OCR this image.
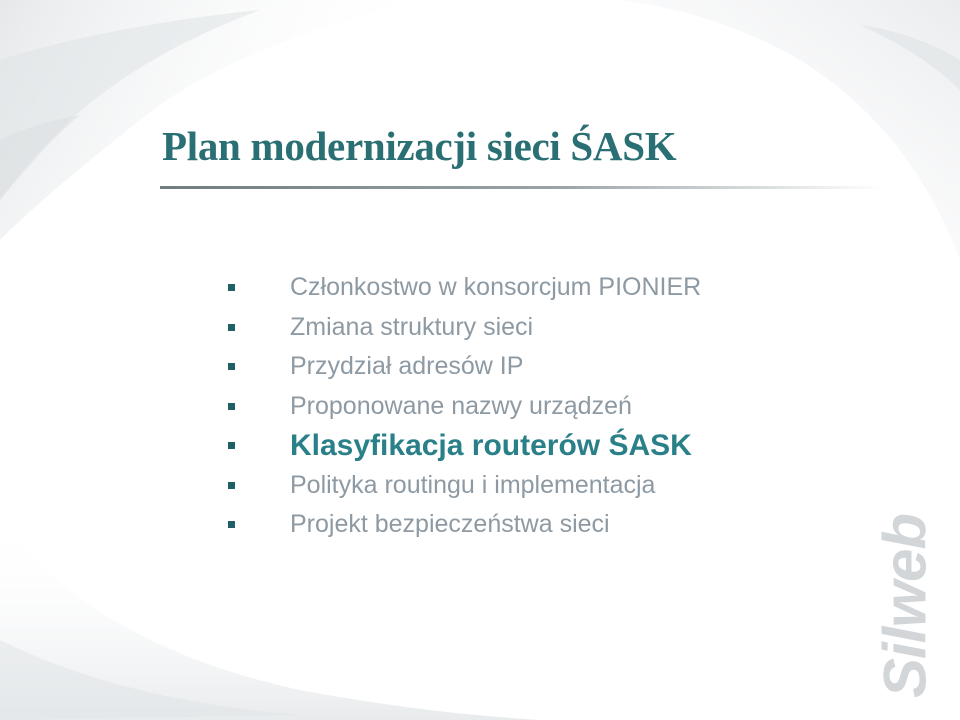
Plan modernizacji sieci ŚASK
Członkostwo w konsorcjum PIONIER
Zmiana struktury sieci
Przydział adresów IP
Proponowane nazwy urządzeń
Klasyfikacja routerów ŚASK
Polityka routingu i implementacja
Projekt bezpieczeństwa sieci	Silweb
